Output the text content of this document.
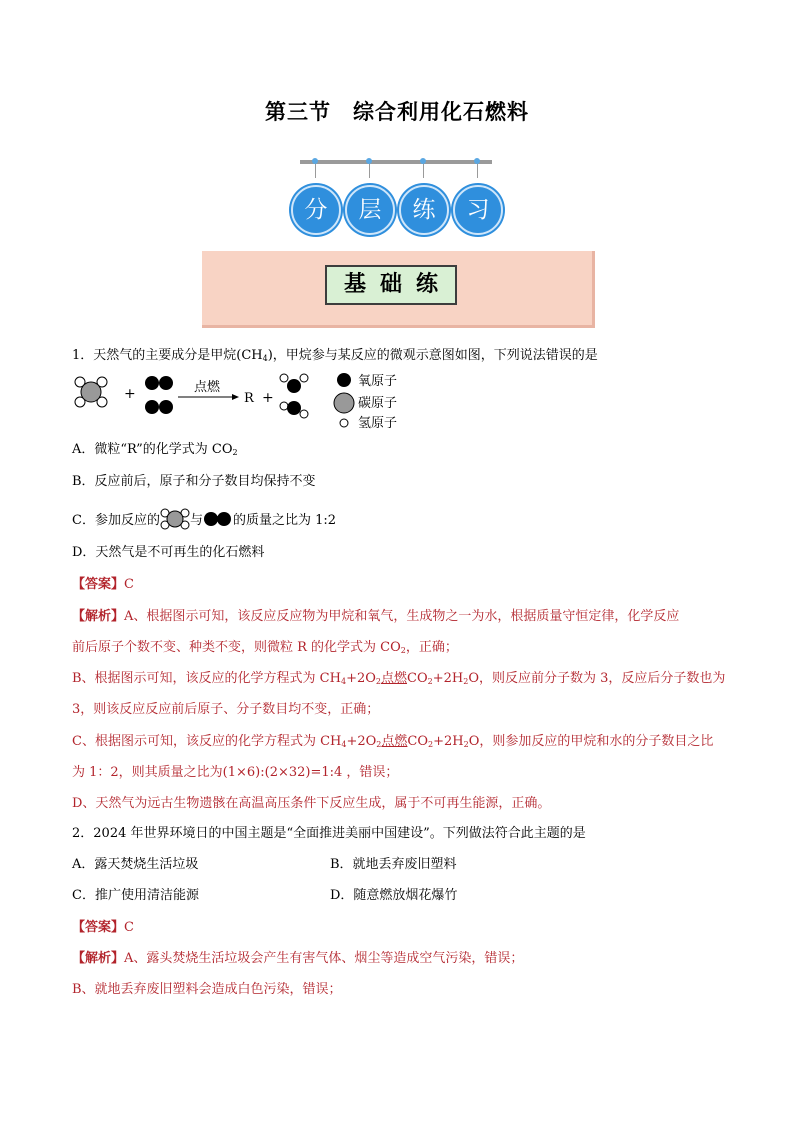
第三节 综合利用化石燃料
分	层	练	习
基础练
1．天然气的主要成分是甲烷$(CH_4)$，甲烷参与某反应的微观示意图如图，下列说法错误的是
+	点燃
R +
氧原子
碳原子
氢原子
A．微粒“R”的化学式为 $CO_2$
B．反应前后，原子和分子数目均保持不变
C．参加反应的 与 的质量之比为 1:2
D．天然气是不可再生的化石燃料
【答案】C
【解析】A、根据图示可知，该反应反应物为甲烷和氧气，生成物之一为水，根据质量守恒定律，化学反应
前后原子个数不变、种类不变，则微粒 R 的化学式为 $CO_2$，正确；
B、根据图示可知，该反应的化学方程式为 $CH_4+2O_2$点燃$CO_2+2H_2O$，则反应前分子数为 3，反应后分子数也为
3，则该反应反应前后原子、分子数目均不变，正确；
C、根据图示可知，该反应的化学方程式为 $CH_4+2O_2$点燃$CO_2+2H_2O$，则参加反应的甲烷和水的分子数目之比
为 1：2，则其质量之比为(1×6):(2×32)=1:4 ，错误；
D、天然气为远古生物遗骸在高温高压条件下反应生成，属于不可再生能源，正确。
2．2024 年世界环境日的中国主题是“全面推进美丽中国建设”。下列做法符合此主题的是
A．露天焚烧生活垃圾	B．就地丢弃废旧塑料
C．推广使用清洁能源	D．随意燃放烟花爆竹
【答案】C
【解析】A、露头焚烧生活垃圾会产生有害气体、烟尘等造成空气污染，错误；
B、就地丢弃废旧塑料会造成白色污染，错误；
